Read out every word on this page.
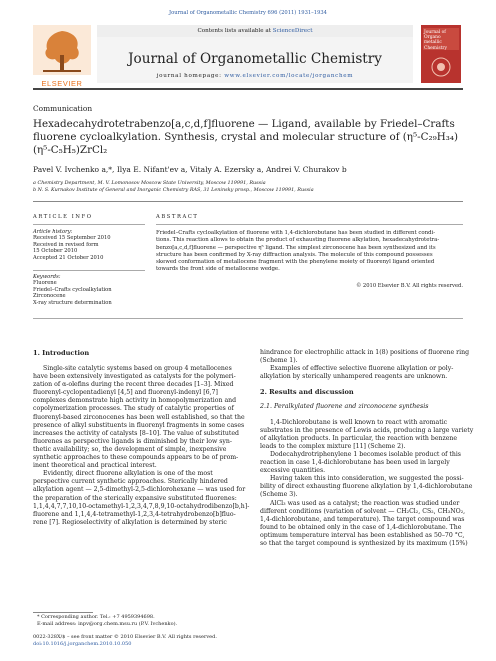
Journal of Organometallic Chemistry 696 (2011) 1931–1934
ELSEVIER
Contents lists available at ScienceDirect
Journal of Organometallic Chemistry
journal homepage: www.elsevier.com/locate/jorganchem
Journal of Organo metallic Chemistry
Communication
Hexadecahydrotetrabenzo[a,c,d,f]fluorene — Ligand, available by Friedel–Crafts
fluorene cycloalkylation. Synthesis, crystal and molecular structure of (η⁵-C₂₉H₃₄)
(η⁵-C₅H₅)ZrCl₂
Pavel V. Ivchenko a,*, Ilya E. Nifant'ev a, Vitaly A. Ezersky a, Andrei V. Churakov b
a Chemistry Department, M. V. Lomonosov Moscow State University, Moscow 119991, Russia
b N. S. Kurnakov Institute of General and Inorganic Chemistry RAS, 31 Leninsky prosp., Moscow 119991, Russia
ARTICLE INFO
Article history:
Received 15 September 2010
Received in revised form
15 October 2010
Accepted 21 October 2010
Keywords:
Fluorene
Friedel–Crafts cycloalkylation
Zirconocene
X-ray structure determination
ABSTRACT
Friedel–Crafts cycloalkylation of fluorene with 1,4-dichlorobutane has been studied in different condi-
tions. This reaction allows to obtain the product of exhausting fluorene alkylation, hexadecahydrotetra-
benzo[a,c,d,f]fluorene — perspective η⁵ ligand. The simplest zirconocene has been synthesized and its
structure has been confirmed by X-ray diffraction analysis. The molecule of this compound possesses
skewed conformation of metallocene fragment with the phenylene moiety of fluorenyl ligand oriented
towards the front side of metallocene wedge.
© 2010 Elsevier B.V. All rights reserved.
1. Introduction
Single-site catalytic systems based on group 4 metallocenes
have been extensively investigated as catalysts for the polymeri-
zation of α-olefins during the recent three decades [1–3]. Mixed
fluorenyl-cyclopentadienyl [4,5] and fluorenyl-indenyl [6,7]
complexes demonstrate high activity in homopolymerization and
copolymerization processes. The study of catalytic properties of
fluorenyl-based zirconocenes has been well established, so that the
presence of alkyl substituents in fluorenyl fragments in some cases
increases the activity of catalysts [8–10]. The value of substituted
fluorenes as perspective ligands is diminished by their low syn-
thetic availability; so, the development of simple, inexpensive
synthetic approaches to these compounds appears to be of prom-
inent theoretical and practical interest.
Evidently, direct fluorene alkylation is one of the most
perspective current synthetic approaches. Sterically hindered
alkylation agent — 2,5-dimethyl-2,5-dichlorohexane — was used for
the preparation of the sterically expansive substituted fluorenes:
1,1,4,4,7,7,10,10-octamethyl-1,2,3,4,7,8,9,10-octahydrodibenzo[b,h]-
fluorene and 1,1,4,4-tetramethyl-1,2,3,4-tetrahydrobenzo[b]fluo-
rene [7]. Regioselectivity of alkylation is determined by steric
* Corresponding author. Tel.: +7 4959394698.
E-mail address: inpv@org.chem.msu.ru (P.V. Ivchenko).
0022-328X/$ – see front matter © 2010 Elsevier B.V. All rights reserved.
doi:10.1016/j.jorganchem.2010.10.050
hindrance for electrophilic attack in 1(8) positions of fluorene ring
(Scheme 1).
Examples of effective selective fluorene alkylation or poly-
alkylation by sterically unhampered reagents are unknown.
2. Results and discussion
2.1. Peralkylated fluorene and zirconocene synthesis
1,4-Dichlorobutane is well known to react with aromatic
substrates in the presence of Lewis acids, producing a large variety
of alkylation products. In particular, the reaction with benzene
leads to the complex mixture [11] (Scheme 2).
Dodecahydrotriphenylene 1 becomes isolable product of this
reaction in case 1,4-dichlorobutane has been used in largely
excessive quantities.
Having taken this into consideration, we suggested the possi-
bility of direct exhausting fluorene alkylation by 1,4-dichlorobutane
(Scheme 3).
AlCl₃ was used as a catalyst; the reaction was studied under
different conditions (variation of solvent — CH₂Cl₂, CS₂, CH₃NO₂,
1,4-dichlorobutane, and temperature). The target compound was
found to be obtained only in the case of 1,4-dichlorobutane. The
optimum temperature interval has been established as 50–70 °C,
so that the target compound is synthesized by its maximum (15%)
